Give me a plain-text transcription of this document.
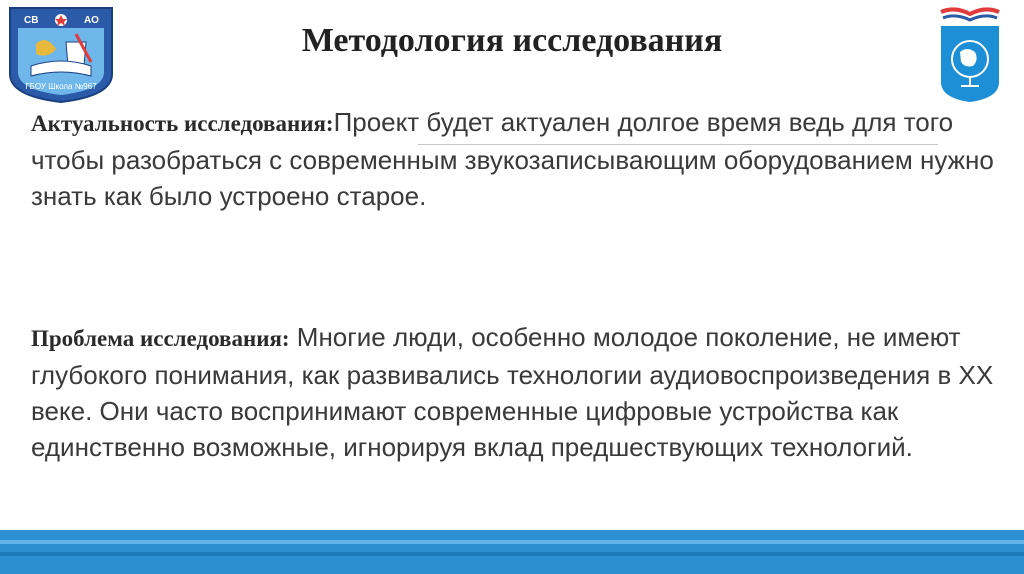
СВ	АО
ГБОУ Школа №967
Методология исследования

Актуальность исследования:Проект будет актуален долгое время ведь для того чтобы разобраться с современным звукозаписывающим оборудованием нужно знать как было устроено старое.

Проблема исследования: Многие люди, особенно молодое поколение, не имеют глубокого понимания, как развивались технологии аудиовоспроизведения в XX веке. Они часто воспринимают современные цифровые устройства как единственно возможные, игнорируя вклад предшествующих технологий.
